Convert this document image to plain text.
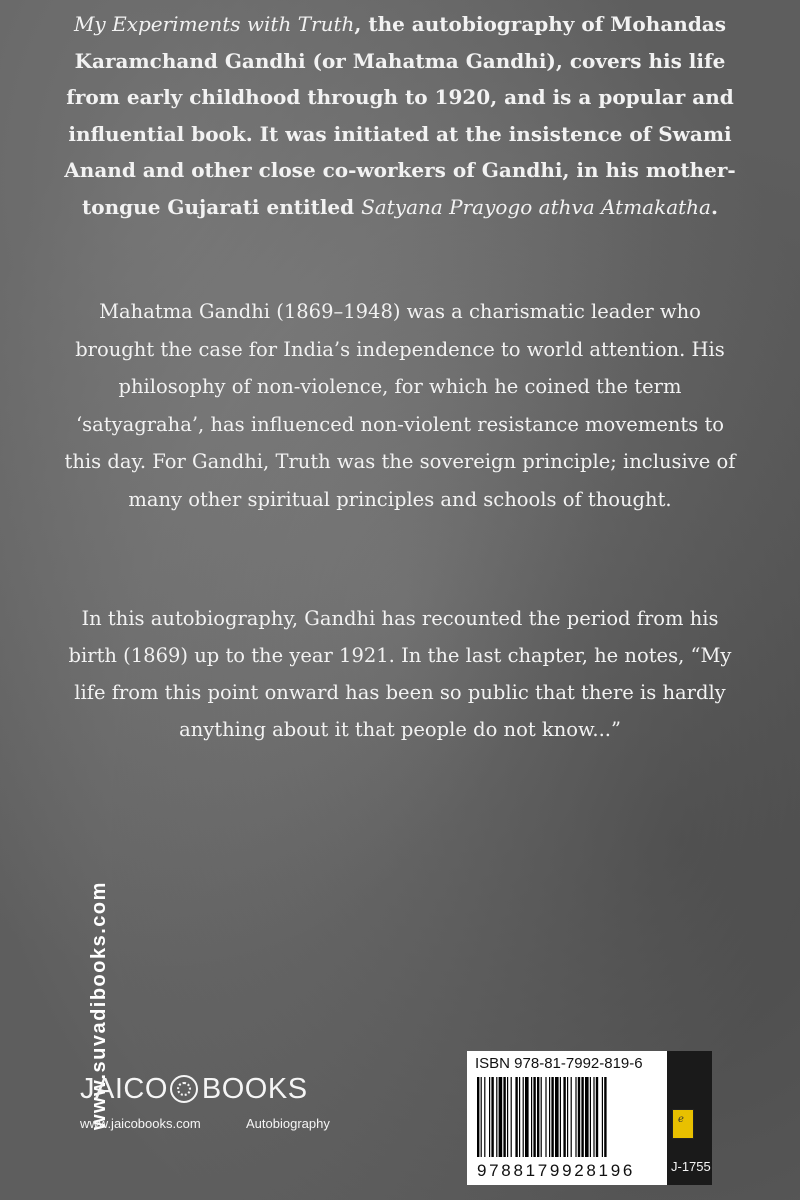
My Experiments with Truth, the autobiography of Mohandas Karamchand Gandhi (or Mahatma Gandhi), covers his life from early childhood through to 1920, and is a popular and influential book. It was initiated at the insistence of Swami Anand and other close co-workers of Gandhi, in his mother-tongue Gujarati entitled Satyana Prayogo athva Atmakatha.

Mahatma Gandhi (1869–1948) was a charismatic leader who brought the case for India’s independence to world attention. His philosophy of non-violence, for which he coined the term ‘satyagraha’, has influenced non-violent resistance movements to this day. For Gandhi, Truth was the sovereign principle; inclusive of many other spiritual principles and schools of thought.

In this autobiography, Gandhi has recounted the period from his birth (1869) up to the year 1921. In the last chapter, he notes, “My life from this point onward has been so public that there is hardly anything about it that people do not know...”

www.suvadibooks.com
JAICO BOOKS
www.jaicobooks.com	Autobiography
ISBN 978-81-7992-819-6
9788179928196
e	J-1755
